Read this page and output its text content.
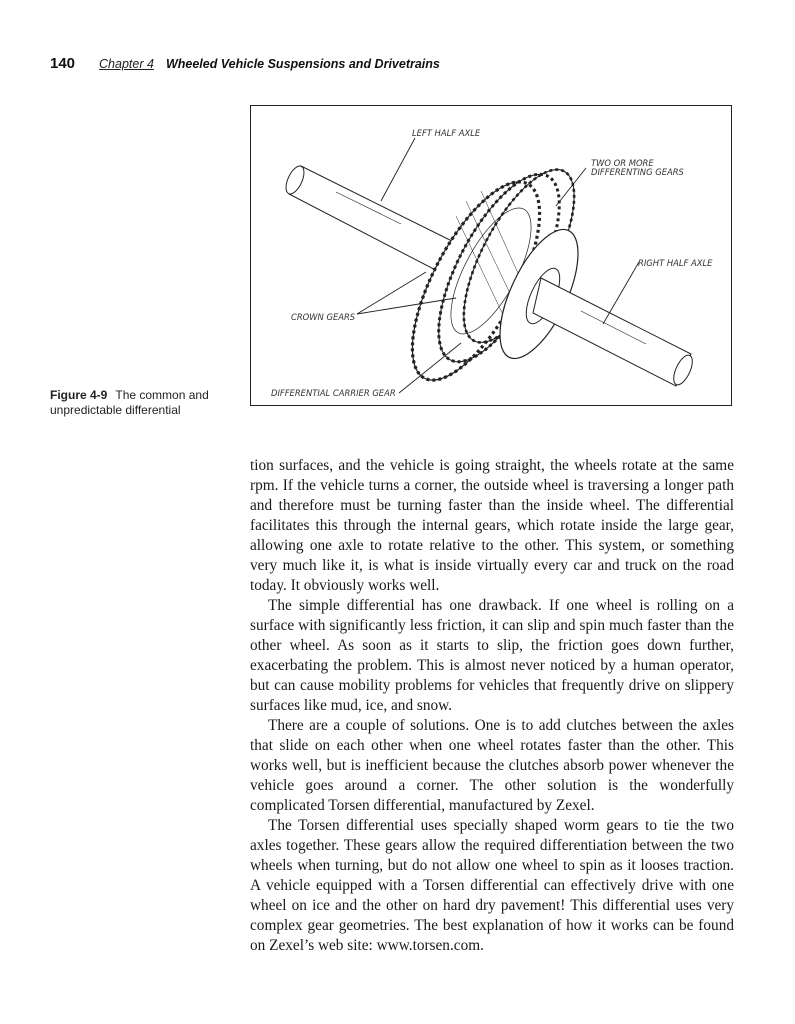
140 Chapter 4 Wheeled Vehicle Suspensions and Drivetrains
LEFT HALF AXLE
TWO OR MORE
DIFFERENTING GEARS
RIGHT HALF AXLE
CROWN GEARS
DIFFERENTIAL CARRIER GEAR
Figure 4-9 The common and unpredictable differential

tion surfaces, and the vehicle is going straight, the wheels rotate at the same rpm. If the vehicle turns a corner, the outside wheel is traversing a longer path and therefore must be turning faster than the inside wheel. The differential facilitates this through the internal gears, which rotate inside the large gear, allowing one axle to rotate relative to the other. This system, or something very much like it, is what is inside virtually every car and truck on the road today. It obviously works well.

The simple differential has one drawback. If one wheel is rolling on a surface with significantly less friction, it can slip and spin much faster than the other wheel. As soon as it starts to slip, the friction goes down further, exacerbating the problem. This is almost never noticed by a human operator, but can cause mobility problems for vehicles that frequently drive on slippery surfaces like mud, ice, and snow.

There are a couple of solutions. One is to add clutches between the axles that slide on each other when one wheel rotates faster than the other. This works well, but is inefficient because the clutches absorb power whenever the vehicle goes around a corner. The other solution is the wonderfully complicated Torsen differential, manufactured by Zexel.

The Torsen differential uses specially shaped worm gears to tie the two axles together. These gears allow the required differentiation between the two wheels when turning, but do not allow one wheel to spin as it looses traction. A vehicle equipped with a Torsen differential can effectively drive with one wheel on ice and the other on hard dry pavement! This differential uses very complex gear geometries. The best explanation of how it works can be found on Zexel’s web site: www.torsen.com.
